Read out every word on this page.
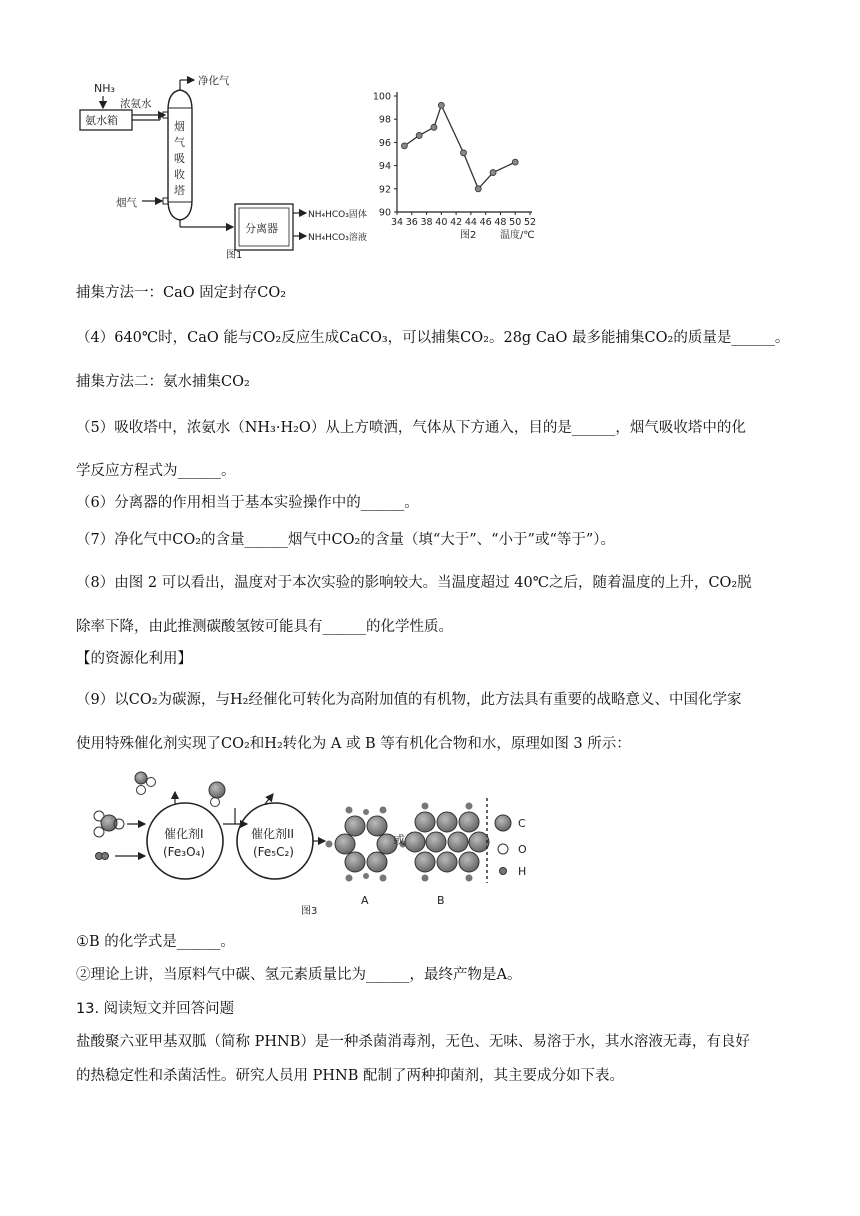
NH₃
氨水箱
浓氨水
烟
气
吸
收
塔
净化气
烟气
分离器
NH₄HCO₃固体
NH₄HCO₃溶液
图1
34 36 38 40 42 44 46 48 50 52
90
92
94
96
98
100
温度/℃
图2
催化剂I
(Fe₃O₄)
催化剂II
(Fe₅C₂)
A
或
B
C
O
H
图3
捕集方法一：CaO 固定封存CO₂
（4）640℃时，CaO 能与CO₂反应生成CaCO₃，可以捕集CO₂。28g CaO 最多能捕集CO₂的质量是______。
捕集方法二：氨水捕集CO₂
（5）吸收塔中，浓氨水（NH₃·H₂O）从上方喷洒，气体从下方通入，目的是______，烟气吸收塔中的化
学反应方程式为______。
（6）分离器的作用相当于基本实验操作中的______。
（7）净化气中CO₂的含量______烟气中CO₂的含量（填“大于”、“小于”或“等于”）。
（8）由图 2 可以看出，温度对于本次实验的影响较大。当温度超过 40℃之后，随着温度的上升，CO₂脱
除率下降，由此推测碳酸氢铵可能具有______的化学性质。
【的资源化利用】
（9）以CO₂为碳源，与H₂经催化可转化为高附加值的有机物，此方法具有重要的战略意义、中国化学家
使用特殊催化剂实现了CO₂和H₂转化为 A 或 B 等有机化合物和水，原理如图 3 所示：
①B 的化学式是______。
②理论上讲，当原料气中碳、氢元素质量比为______，最终产物是A。
13. 阅读短文并回答问题
盐酸聚六亚甲基双胍（简称 PHNB）是一种杀菌消毒剂，无色、无味、易溶于水，其水溶液无毒，有良好
的热稳定性和杀菌活性。研究人员用 PHNB 配制了两种抑菌剂，其主要成分如下表。
